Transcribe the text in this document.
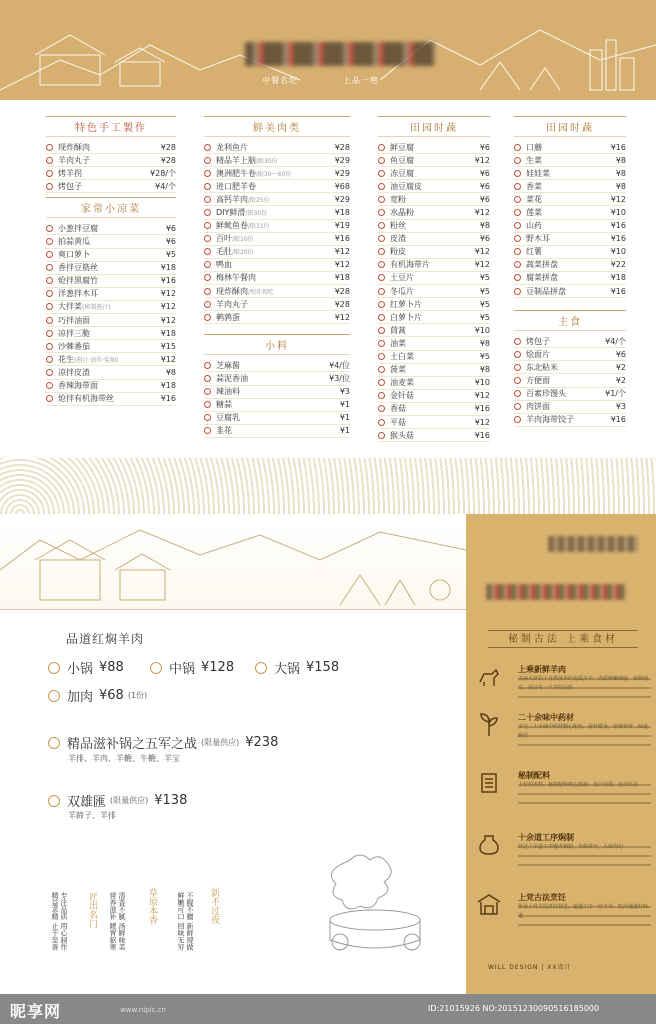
中餐名吃	上品一绝
特色手工製作
现炸酥肉	¥28
羊肉丸子	¥28
烤羊拐	¥28/个
烤包子	¥4/个
家常小凉菜
小葱拌豆腐	¥6
拍蒜黄瓜	¥6
爽口萝卜	¥5
香拌豆筋丝	¥18
炝拌黑腐竹	¥16
洋葱拌木耳	¥12
大拌菜(秘制酱汁)	¥12
巧拌油面	¥12
凉拌三脆	¥18
沙棘番茄	¥15
花生(酱汁·油炸·盐焗)	¥12
凉拌皮渣	¥8
香辣海带面	¥18
炝拌有机海带丝	¥16
鲜美肉类
龙利鱼片	¥28
精品羊上脑/限30份	¥29
澳洲肥牛卷/限30～60份	¥29
进口肥羊卷	¥68
高钙羊肉/限25份	¥29
DIY鲜滑/限30份	¥18
鲜鱿鱼卷/限31份	¥19
百叶/限10份	¥16
毛肚/限20份	¥12
鸭血	¥12
梅林午餐肉	¥18
现炸酥肉/现炸现吃	¥28
羊肉丸子	¥28
鹌鹑蛋	¥12
小料
芝麻酱	¥4/位
蒜泥香油	¥3/位
辣油料	¥3
糖蒜	¥1
豆腐乳	¥1
韭花	¥1
田园时蔬
鲜豆腐	¥6
鱼豆腐	¥12
冻豆腐	¥6
油豆腐皮	¥6
宽粉	¥6
水晶粉	¥12
粉丝	¥8
皮渣	¥6
粉皮	¥12
有机海带片	¥12
土豆片	¥5
冬瓜片	¥5
红萝卜片	¥5
白萝卜片	¥5
茼蒿	¥10
油菜	¥8
土白菜	¥5
菠菜	¥8
油麦菜	¥10
金针菇	¥12
香菇	¥16
平菇	¥12
猴头菇	¥16
田园时蔬
口蘑	¥16
生菜	¥8
娃娃菜	¥8
香菜	¥8
菜花	¥12
莲菜	¥10
山药	¥16
野木耳	¥16
红薯	¥10
蔬菜拼盘	¥22
腐菜拼盘	¥18
豆制品拼盘	¥16
主食
烤包子	¥4/个
烩面片	¥6
东北粘米	¥2
方便面	¥2
百素珍馒头	¥1/个
肉饼面	¥3
羊肉海带饺子	¥16
品道红焖羊肉
小锅 ¥88	中锅 ¥128	大锅 ¥158
加肉 ¥68 (1份)
精品滋补锅之五军之战 (限量供应) ¥238
羊排、羊肉、羊鞭、牛鞭、羊宝
双雄匯 (限量供应) ¥138
羊蹄子、羊排
专注品质 用心制作 精益求精 止于至善	匠出名门	清香不腻 汤鲜味美 营养滋补 暖胃驱寒	草原本香	不腥不膻 新鲜现做 鲜嫩可口 回味无穷	新不过夜
秘制古法 上乘食材
上乘新鲜羊肉
美丽大草原上自然放养的优质羔羊，肉质鲜嫩细腻，新鲜现宰，保证每一只羊的品质
二十余味中药材
多达二十余味中药材精心配伍，滋补暖身，驱寒养胃，味道醇厚
秘制配料
上好的香料，秘制配料精心熬制，汤汁浓郁，色泽红亮
十余道工序焖制
经过十余道工序慢火焖制，火候讲究，入味均匀
上党古法烹饪
传承上党古法烹饪技艺，道道工序一丝不苟，吃出地道好味道
WILL DESIGN | XX设计
昵享网	www.nipic.cn	ID:21015926 NO:20151230090516185000
